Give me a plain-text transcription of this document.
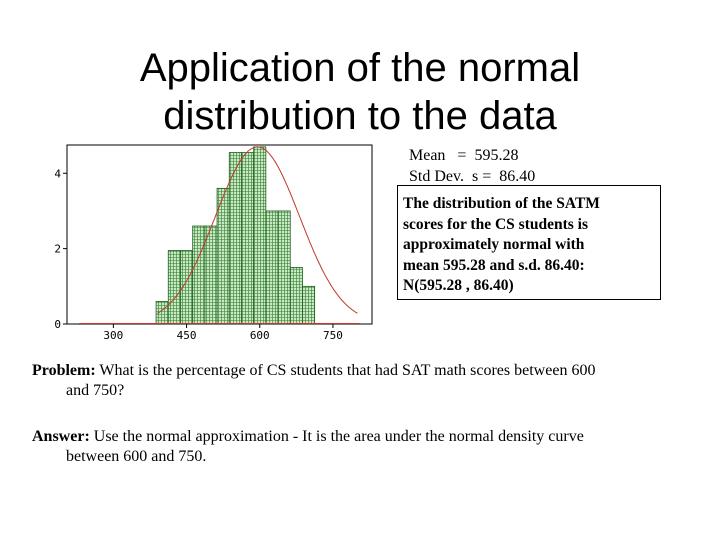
Application of the normal
distribution to the data
Mean   =  595.28
Std Dev.  s =  86.40
The distribution of the SATM
scores for the CS students is
approximately normal with
mean 595.28 and s.d. 86.40:
N(595.28 , 86.40)
0
2
4
300	450	600	750
Problem: What is the percentage of CS students that had SAT math scores between 600
and 750?
Answer: Use the normal approximation - It is the area under the normal density curve
between 600 and 750.
